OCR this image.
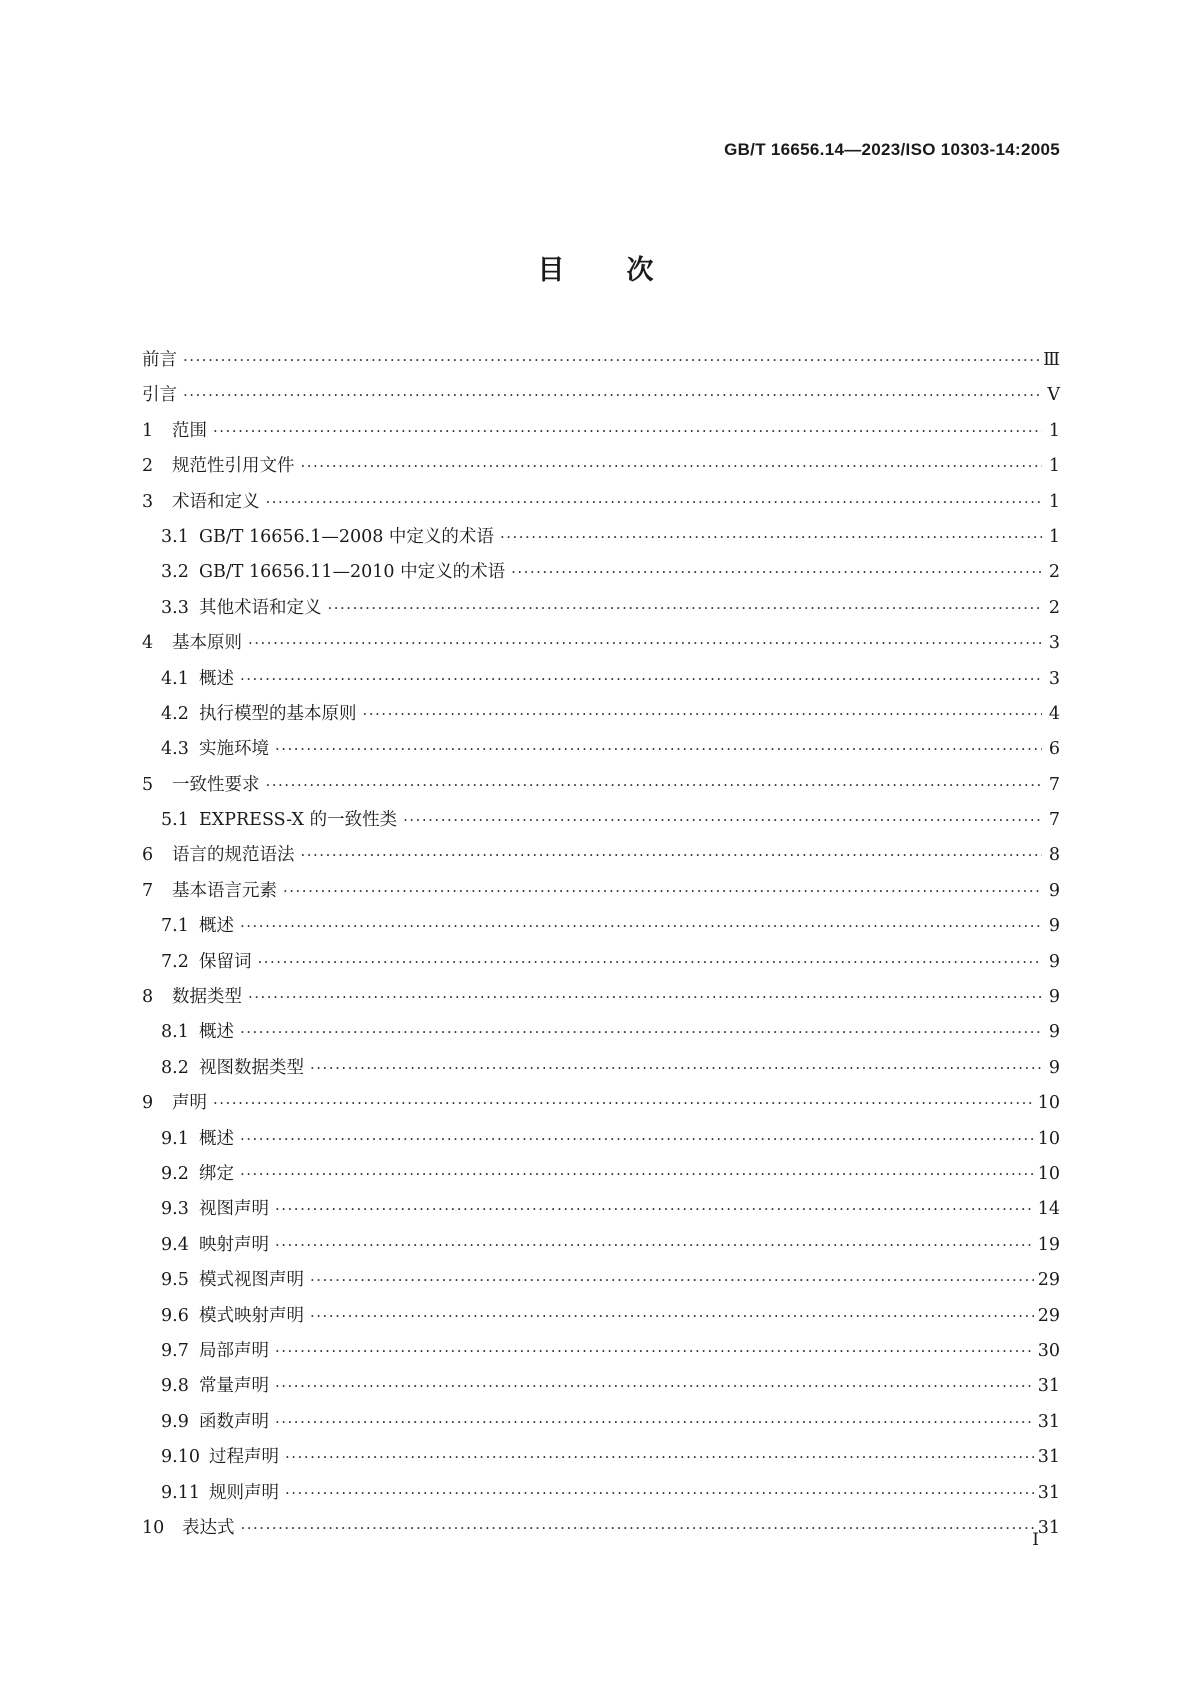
GB/T 16656.14—2023/ISO 10303-14:2005
目次
前言 ·····	Ⅲ
引言 ·····	Ⅴ
1	范围 ·····	1
2	规范性引用文件 ·····	1
3	术语和定义 ·····	1
3.1 GB/T 16656.1—2008 中定义的术语 ·····	1
3.2 GB/T 16656.11—2010 中定义的术语 ·····	2
3.3 其他术语和定义 ·····	2
4	基本原则 ·····	3
4.1 概述 ·····	3
4.2 执行模型的基本原则 ·····	4
4.3 实施环境 ·····	6
5	一致性要求 ·····	7
5.1 EXPRESS-X 的一致性类 ·····	7
6	语言的规范语法 ·····	8
7	基本语言元素 ·····	9
7.1 概述 ·····	9
7.2 保留词 ·····	9
8	数据类型 ·····	9
8.1 概述 ·····	9
8.2 视图数据类型 ·····	9
9	声明 ·····	10
9.1 概述 ·····	10
9.2 绑定 ·····	10
9.3 视图声明 ·····	14
9.4 映射声明 ·····	19
9.5 模式视图声明 ·····	29
9.6 模式映射声明 ·····	29
9.7 局部声明 ·····	30
9.8 常量声明 ·····	31
9.9 函数声明 ·····	31
9.10 过程声明 ·····	31
9.11 规则声明 ·····	31
10	表达式 ·····	31
Ⅰ
